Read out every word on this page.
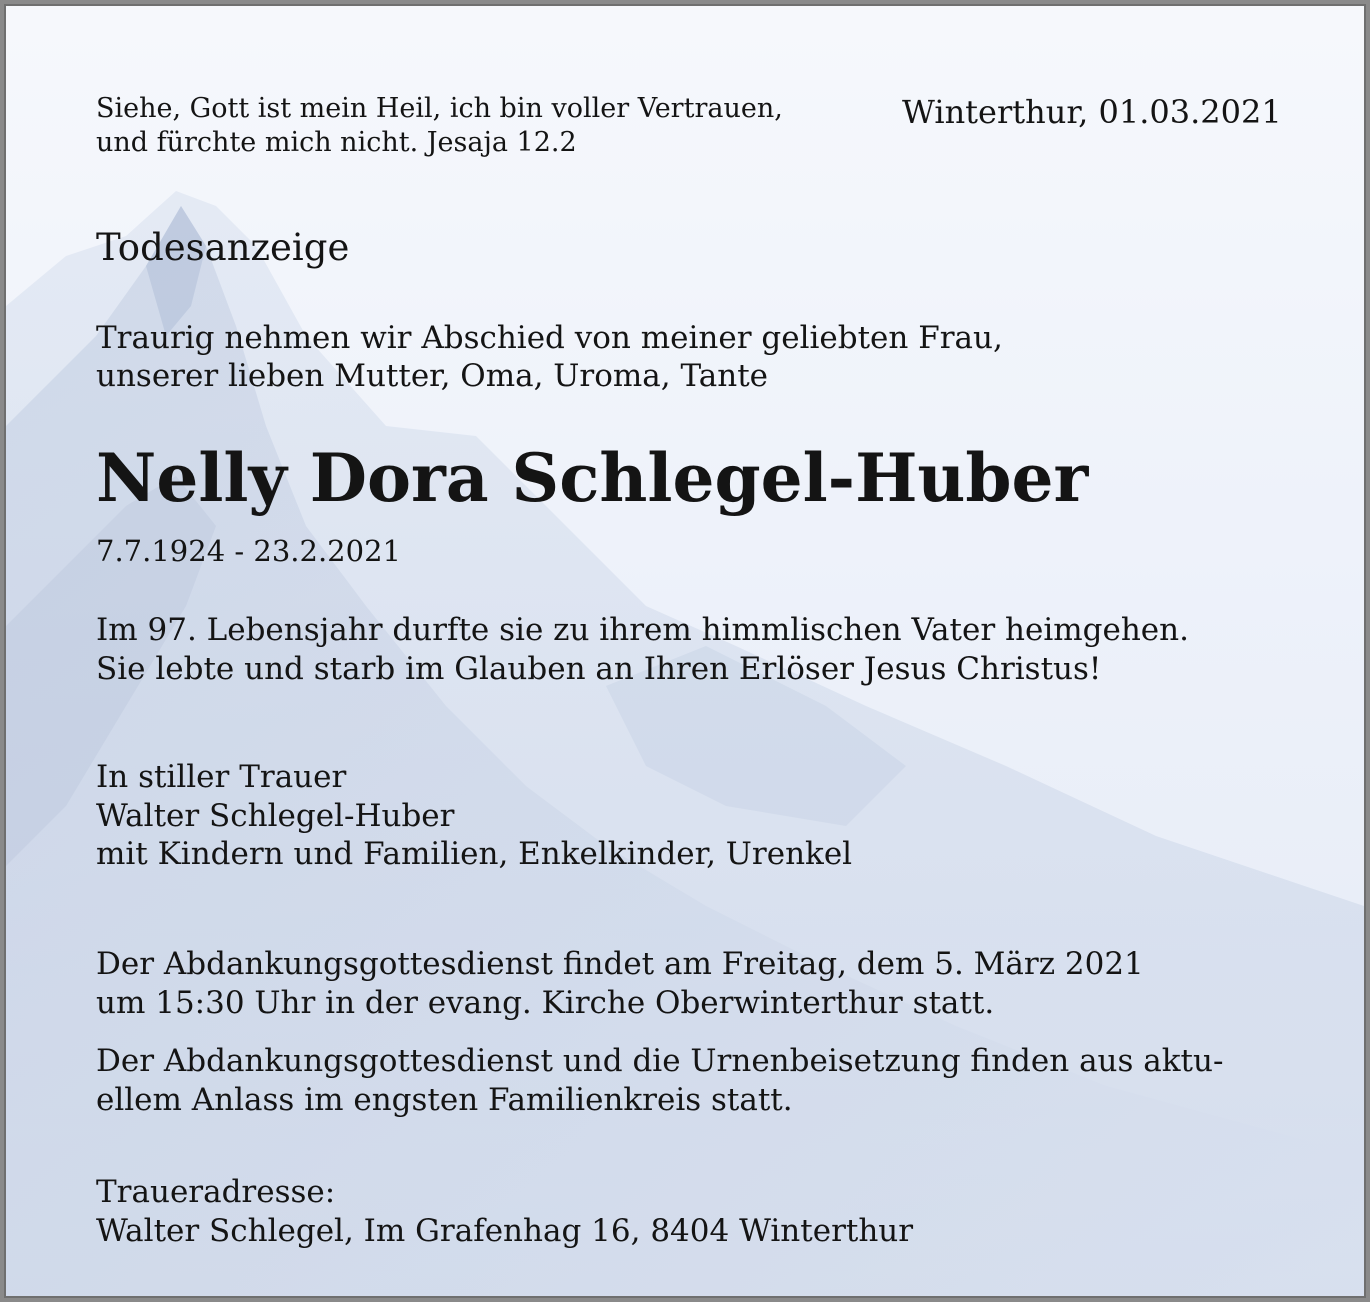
Siehe, Gott ist mein Heil, ich bin voller Vertrauen,
und fürchte mich nicht. Jesaja 12.2
Winterthur, 01.03.2021
Todesanzeige
Traurig nehmen wir Abschied von meiner geliebten Frau,
unserer lieben Mutter, Oma, Uroma, Tante
Nelly Dora Schlegel-Huber
7.7.1924 - 23.2.2021
Im 97. Lebensjahr durfte sie zu ihrem himmlischen Vater heimgehen.
Sie lebte und starb im Glauben an Ihren Erlöser Jesus Christus!
In stiller Trauer
Walter Schlegel-Huber
mit Kindern und Familien, Enkelkinder, Urenkel
Der Abdankungsgottesdienst findet am Freitag, dem 5. März 2021
um 15:30 Uhr in der evang. Kirche Oberwinterthur statt.
Der Abdankungsgottesdienst und die Urnenbeisetzung finden aus aktu-
ellem Anlass im engsten Familienkreis statt.
Traueradresse:
Walter Schlegel, Im Grafenhag 16, 8404 Winterthur
